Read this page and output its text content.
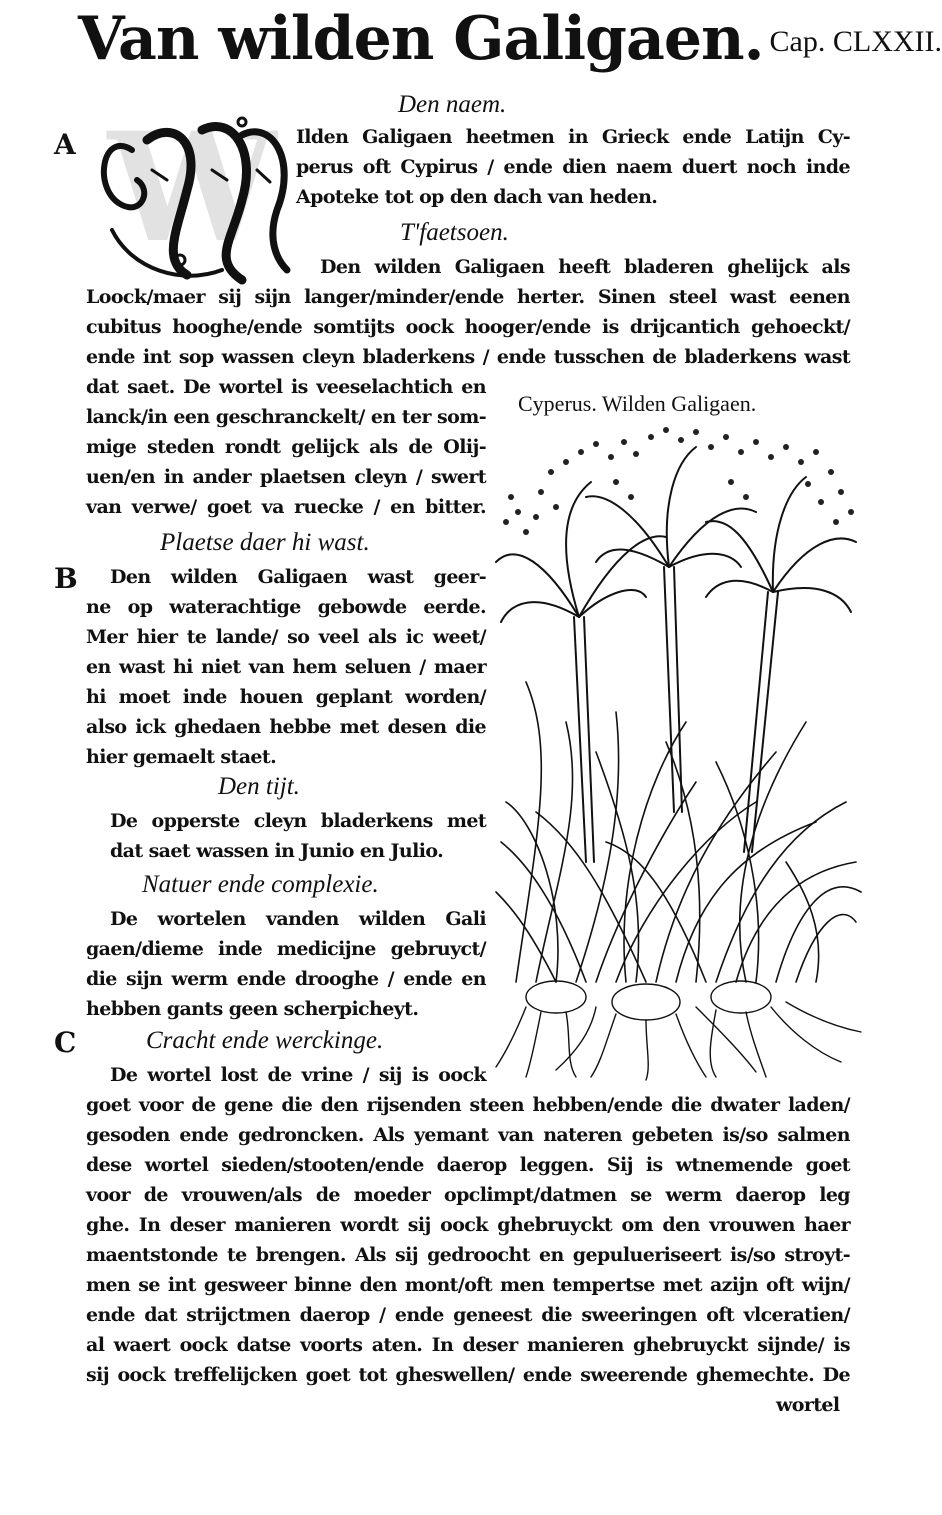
Van wilden Galigaen. Cap. CLXXII.
Den naem.
A W Ilden Galigaen heetmen in Grieck ende Latijn Cy-
perus oft Cypirus / ende dien naem duert noch inde
Apoteke tot op den dach van heden.
T'faetsoen.
Den wilden Galigaen heeft bladeren ghelijck als
Loock/maer sij sijn langer/minder/ende herter. Sinen steel wast eenen
cubitus hooghe/ende somtijts oock hooger/ende is drijcantich gehoeckt/
ende int sop wassen cleyn bladerkens / ende tusschen de bladerkens wast
dat saet. De wortel is veeselachtich en
lanck/in een geschranckelt/ en ter som-
mige steden rondt gelijck als de Olij-
uen/en in ander plaetsen cleyn / swert
van verwe/ goet va ruecke / en bitter.
Cyperus. Wilden Galigaen.
Plaetse daer hi wast.
B Den wilden Galigaen wast geer-
ne op waterachtige gebowde eerde.
Mer hier te lande/ so veel als ic weet/
en wast hi niet van hem seluen / maer
hi moet inde houen geplant worden/
also ick ghedaen hebbe met desen die
hier gemaelt staet.
Den tijt.
De opperste cleyn bladerkens met
dat saet wassen in Junio en Julio.
Natuer ende complexie.
De wortelen vanden wilden Gali
gaen/dieme inde medicijne gebruyct/
die sijn werm ende drooghe / ende en
hebben gants geen scherpicheyt.
C	Cracht ende werckinge.
De wortel lost de vrine / sij is oock
goet voor de gene die den rijsenden steen hebben/ende die dwater laden/
gesoden ende gedroncken. Als yemant van nateren gebeten is/so salmen
dese wortel sieden/stooten/ende daerop leggen. Sij is wtnemende goet
voor de vrouwen/als de moeder opclimpt/datmen se werm daerop leg
ghe. In deser manieren wordt sij oock ghebruyckt om den vrouwen haer
maentstonde te brengen. Als sij gedroocht en gepulueriseert is/so stroyt-
men se int gesweer binne den mont/oft men tempertse met azijn oft wijn/
ende dat strijctmen daerop / ende geneest die sweeringen oft vlceratien/
al waert oock datse voorts aten. In deser manieren ghebruyckt sijnde/ is
sij oock treffelijcken goet tot gheswellen/ ende sweerende ghemechte. De
wortel
